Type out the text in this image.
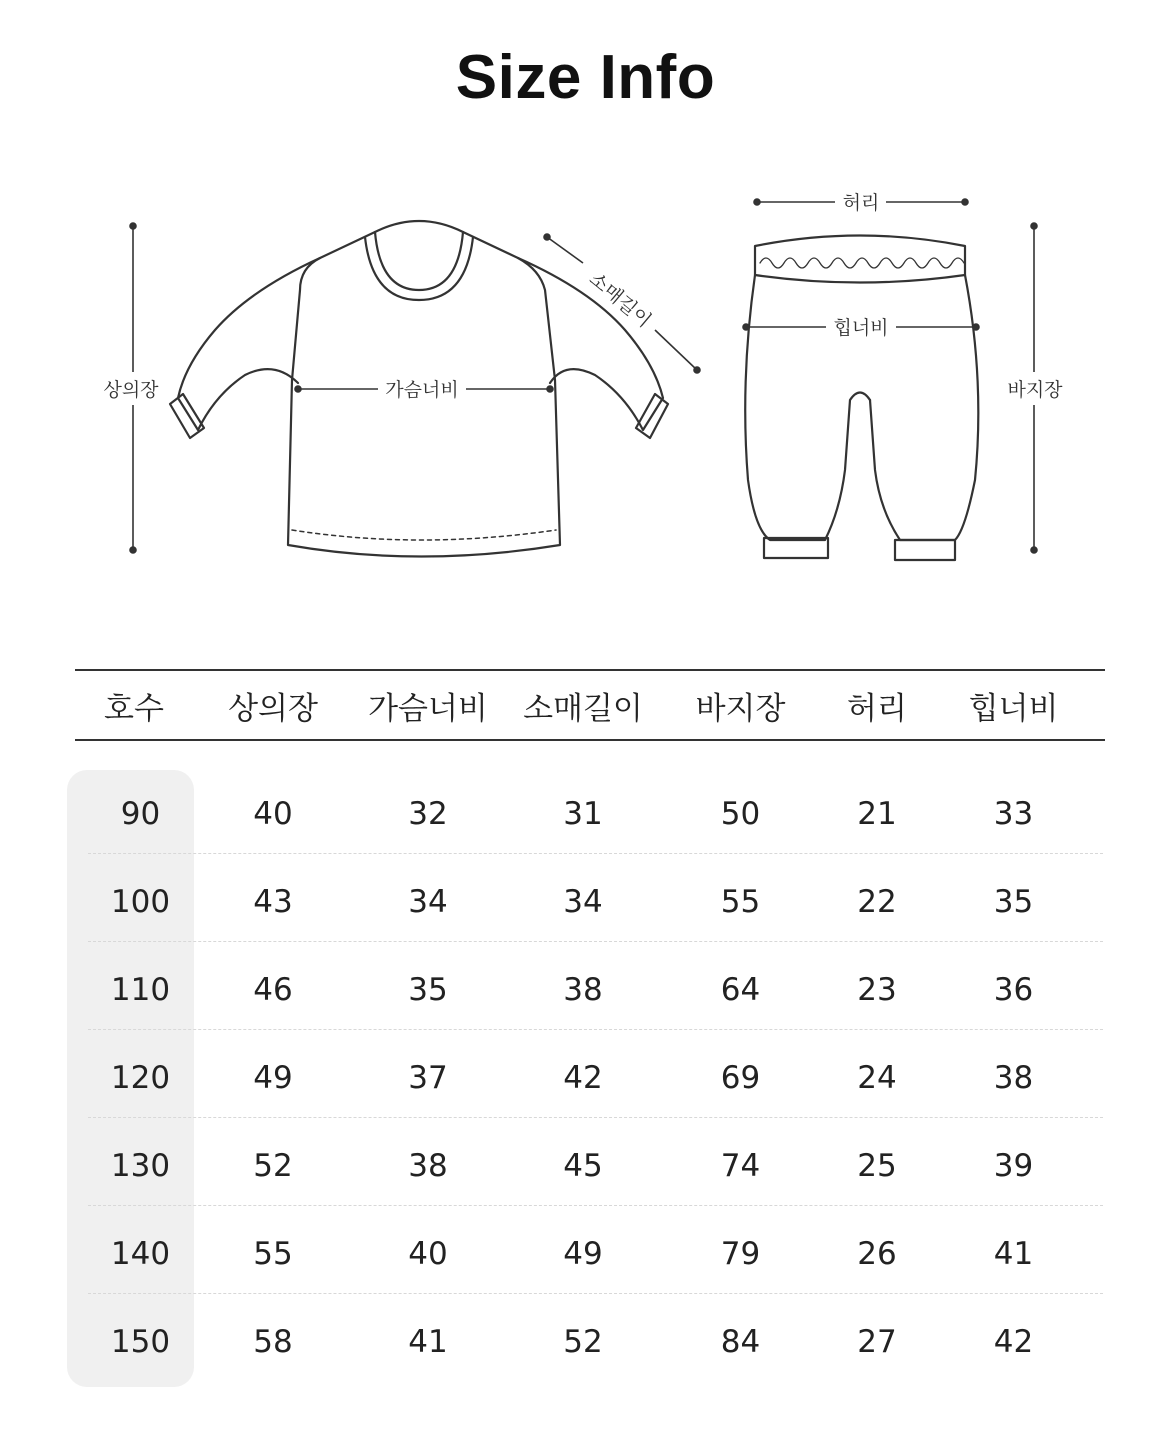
Size Info
상의장	가슴너비
소매길이
허리
힙너비
바지장
호수	상의장	가슴너비	소매길이	바지장	허리	힙너비
90	40	32	31	50	21	33
100	43	34	34	55	22	35
110	46	35	38	64	23	36
120	49	37	42	69	24	38
130	52	38	45	74	25	39
140	55	40	49	79	26	41
150	58	41	52	84	27	42
